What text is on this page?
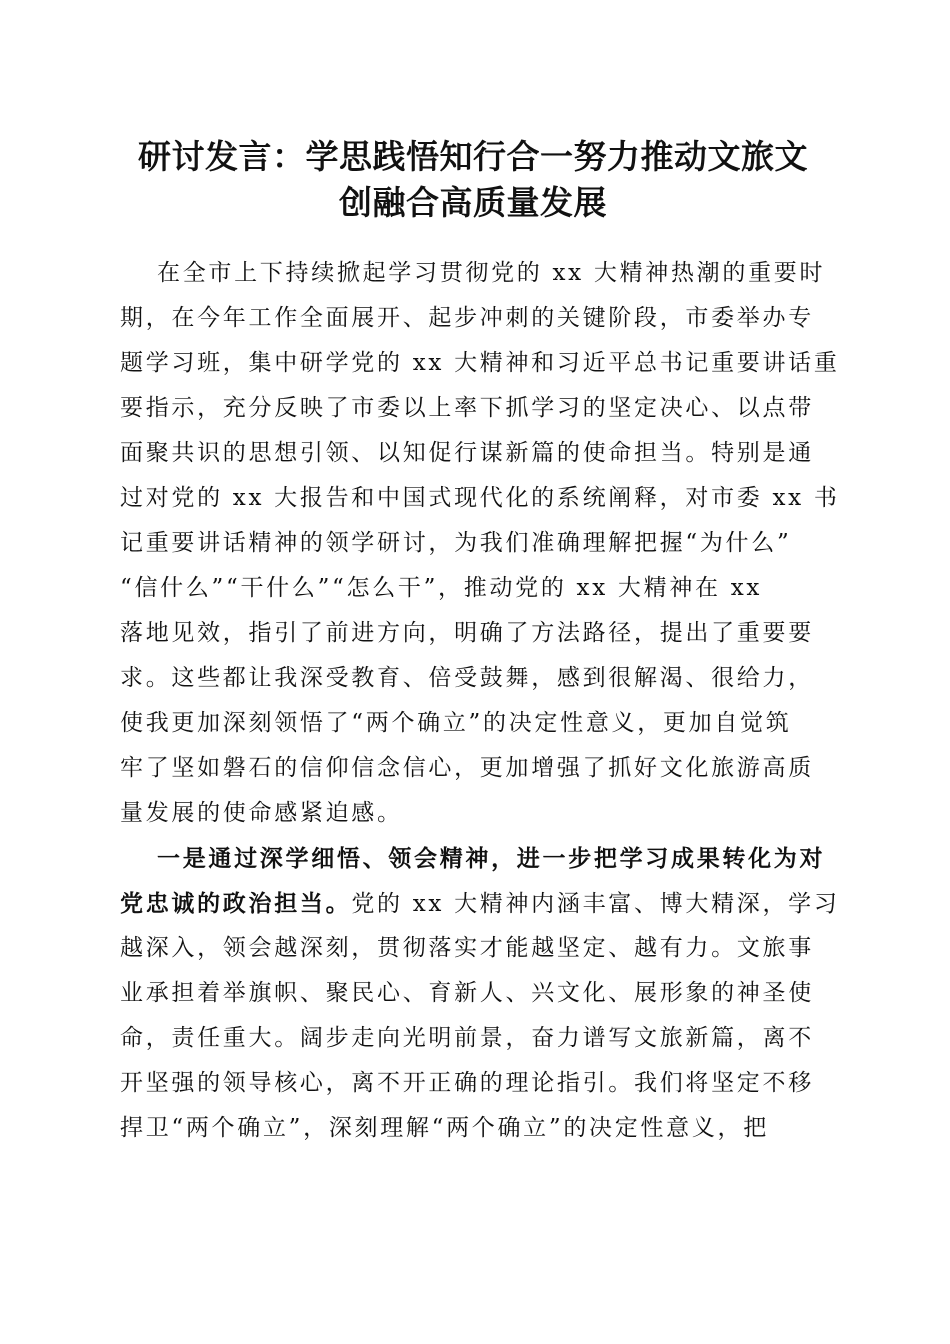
研讨发言：学思践悟知行合一努力推动文旅文
创融合高质量发展

在全市上下持续掀起学习贯彻党的 xx 大精神热潮的重要时
期，在今年工作全面展开、起步冲刺的关键阶段，市委举办专
题学习班，集中研学党的 xx 大精神和习近平总书记重要讲话重
要指示，充分反映了市委以上率下抓学习的坚定决心、以点带
面聚共识的思想引领、以知促行谋新篇的使命担当。特别是通
过对党的 xx 大报告和中国式现代化的系统阐释，对市委 xx 书
记重要讲话精神的领学研讨，为我们准确理解把握“为什么”
“信什么”“干什么”“怎么干”，推动党的 xx 大精神在 xx
落地见效，指引了前进方向，明确了方法路径，提出了重要要
求。这些都让我深受教育、倍受鼓舞，感到很解渴、很给力，
使我更加深刻领悟了“两个确立”的决定性意义，更加自觉筑
牢了坚如磐石的信仰信念信心，更加增强了抓好文化旅游高质
量发展的使命感紧迫感。

一是通过深学细悟、领会精神，进一步把学习成果转化为对
党忠诚的政治担当。党的 xx 大精神内涵丰富、博大精深，学习
越深入，领会越深刻，贯彻落实才能越坚定、越有力。文旅事
业承担着举旗帜、聚民心、育新人、兴文化、展形象的神圣使
命，责任重大。阔步走向光明前景，奋力谱写文旅新篇，离不
开坚强的领导核心，离不开正确的理论指引。我们将坚定不移
捍卫“两个确立”，深刻理解“两个确立”的决定性意义，把
